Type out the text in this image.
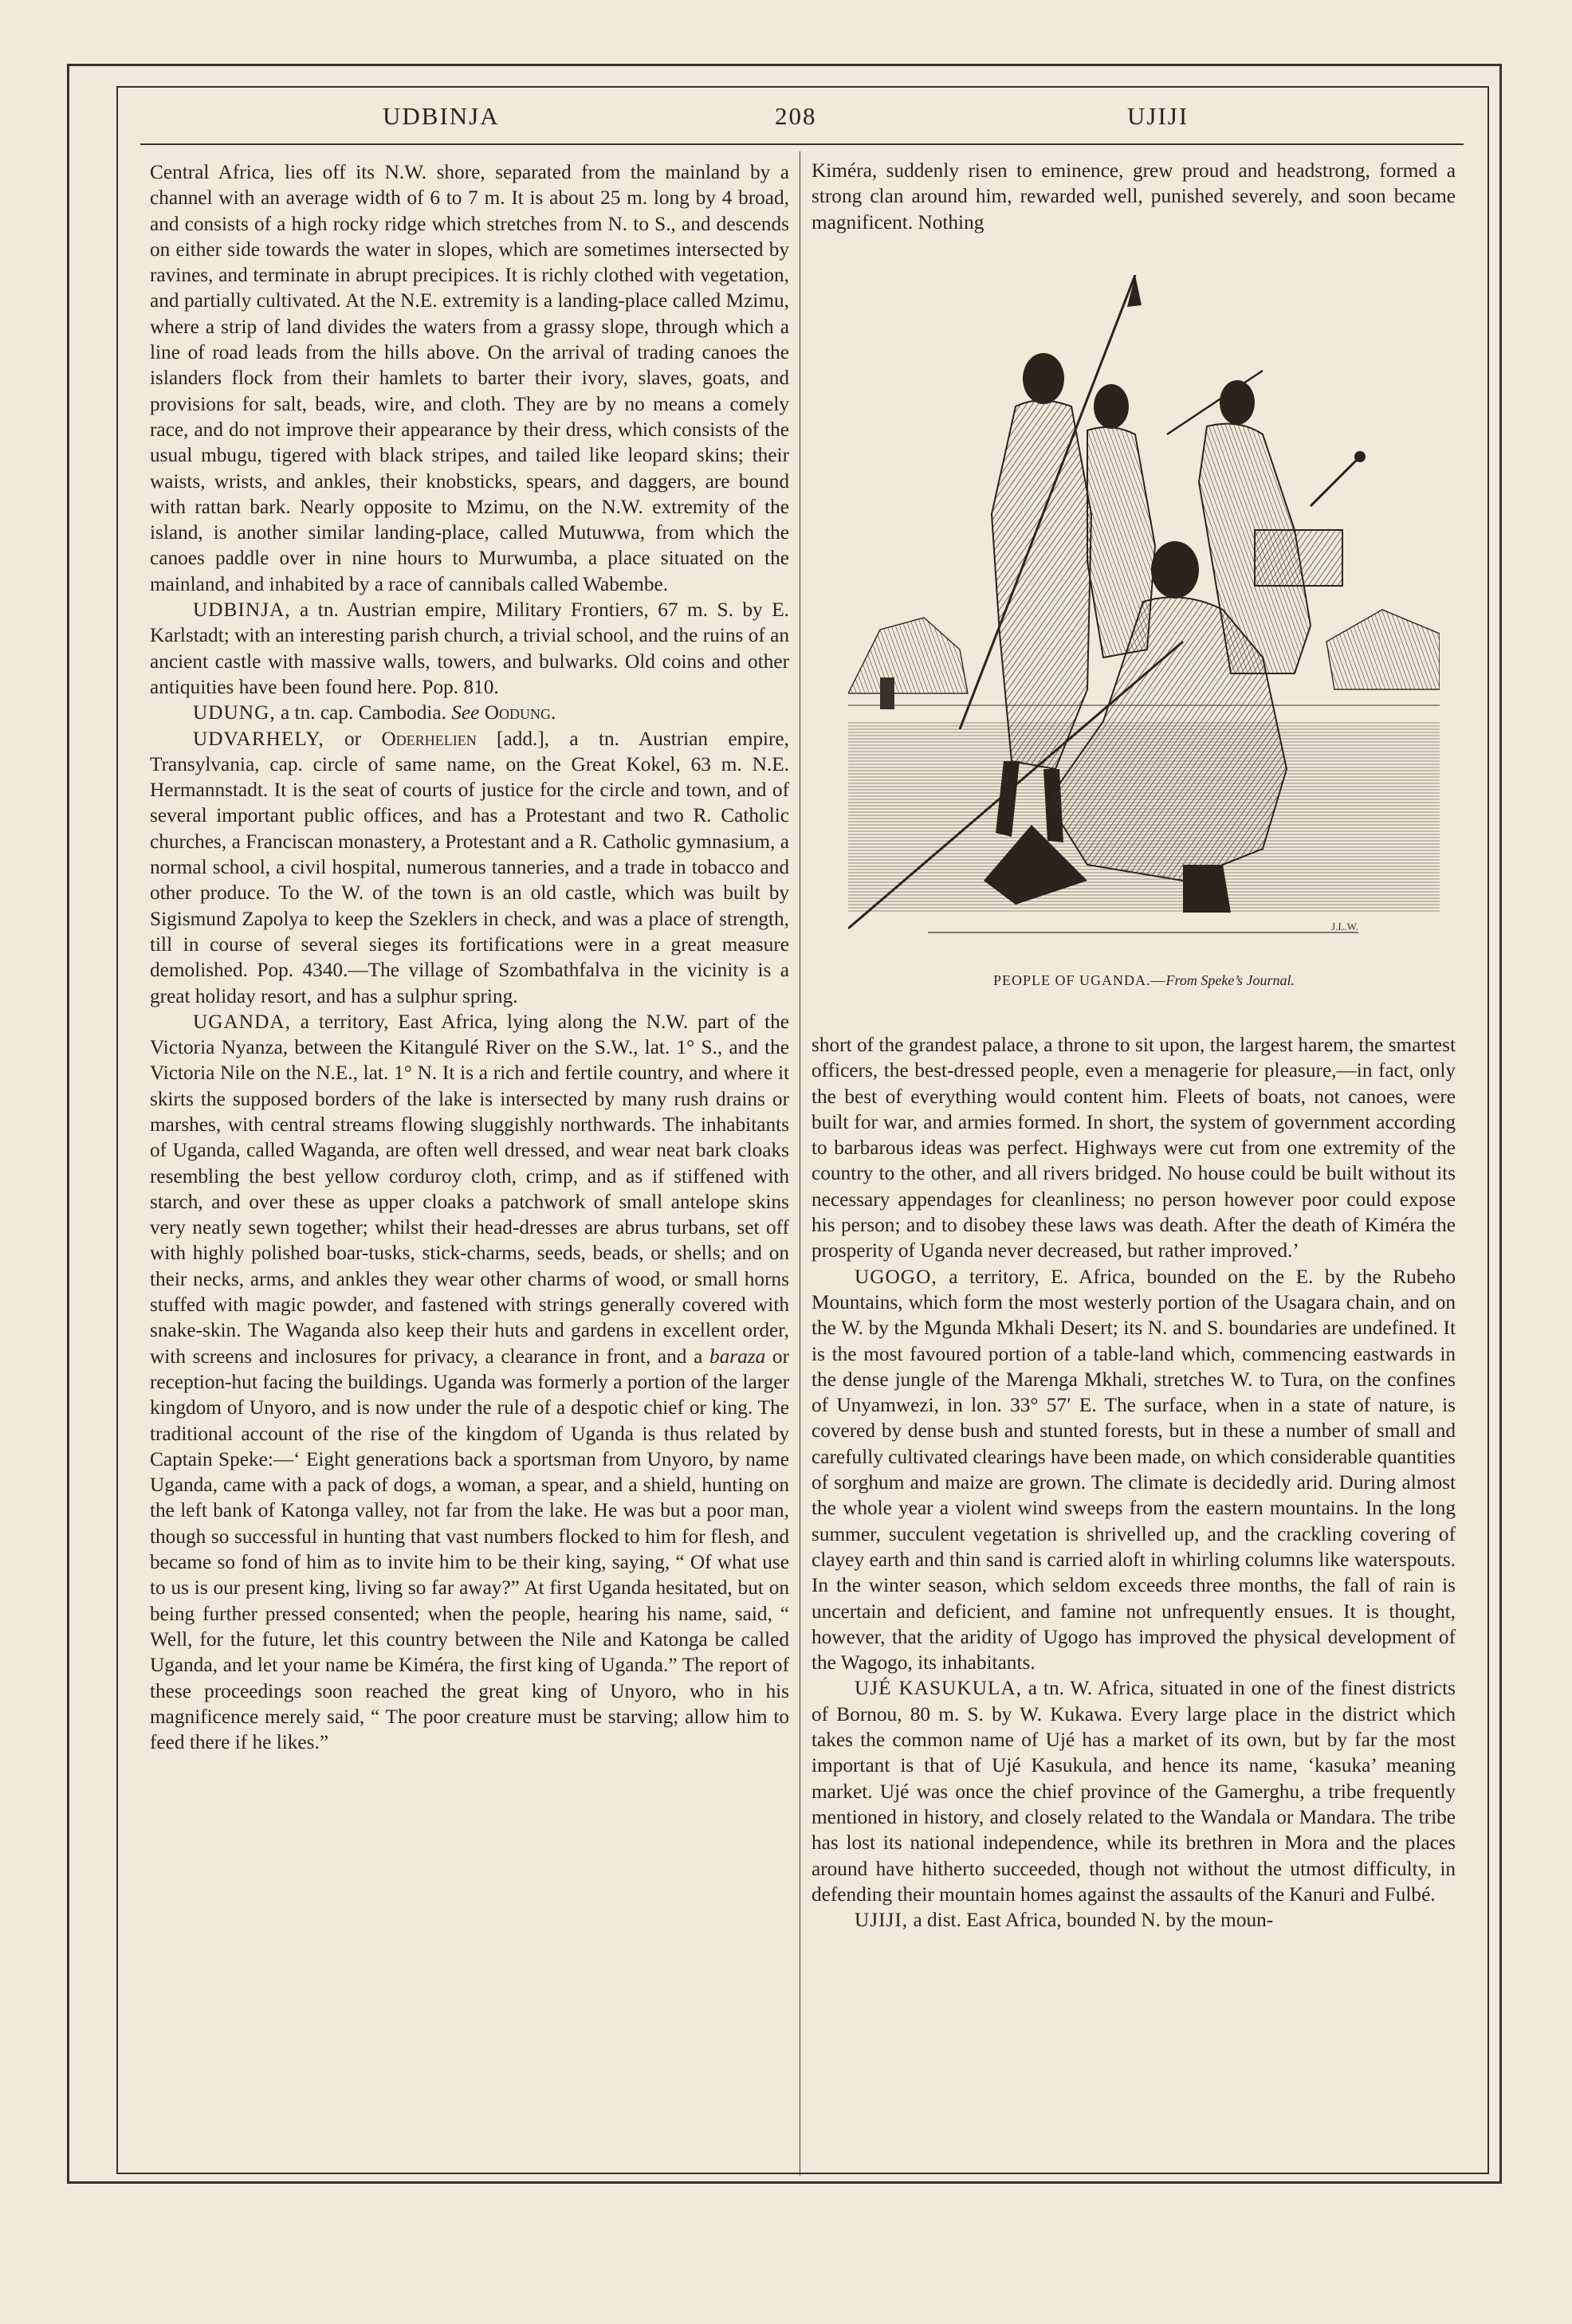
UDBINJA	208	UJIJI

Central Africa, lies off its N.W. shore, separated from the mainland by a channel with an average width of 6 to 7 m. It is about 25 m. long by 4 broad, and consists of a high rocky ridge which stretches from N. to S., and descends on either side towards the water in slopes, which are sometimes intersected by ravines, and terminate in abrupt precipices. It is richly clothed with vegetation, and partially cultivated. At the N.E. extremity is a landing-place called Mzimu, where a strip of land divides the waters from a grassy slope, through which a line of road leads from the hills above. On the arrival of trading canoes the islanders flock from their hamlets to barter their ivory, slaves, goats, and provisions for salt, beads, wire, and cloth. They are by no means a comely race, and do not improve their appearance by their dress, which consists of the usual mbugu, tigered with black stripes, and tailed like leopard skins; their waists, wrists, and ankles, their knobsticks, spears, and daggers, are bound with rattan bark. Nearly opposite to Mzimu, on the N.W. extremity of the island, is another similar landing-place, called Mutuwwa, from which the canoes paddle over in nine hours to Murwumba, a place situated on the mainland, and inhabited by a race of cannibals called Wabembe.

UDBINJA, a tn. Austrian empire, Military Frontiers, 67 m. S. by E. Karlstadt; with an interesting parish church, a trivial school, and the ruins of an ancient castle with massive walls, towers, and bulwarks. Old coins and other antiquities have been found here. Pop. 810.

UDUNG, a tn. cap. Cambodia. See Oodung.

UDVARHELY, or Oderhelien [add.], a tn. Austrian empire, Transylvania, cap. circle of same name, on the Great Kokel, 63 m. N.E. Hermannstadt. It is the seat of courts of justice for the circle and town, and of several important public offices, and has a Protestant and two R. Catholic churches, a Franciscan monastery, a Protestant and a R. Catholic gymnasium, a normal school, a civil hospital, numerous tanneries, and a trade in tobacco and other produce. To the W. of the town is an old castle, which was built by Sigismund Zapolya to keep the Szeklers in check, and was a place of strength, till in course of several sieges its fortifications were in a great measure demolished. Pop. 4340.—The village of Szombathfalva in the vicinity is a great holiday resort, and has a sulphur spring.

UGANDA, a territory, East Africa, lying along the N.W. part of the Victoria Nyanza, between the Kitangulé River on the S.W., lat. 1° S., and the Victoria Nile on the N.E., lat. 1° N. It is a rich and fertile country, and where it skirts the supposed borders of the lake is intersected by many rush drains or marshes, with central streams flowing sluggishly northwards. The inhabitants of Uganda, called Waganda, are often well dressed, and wear neat bark cloaks resembling the best yellow corduroy cloth, crimp, and as if stiffened with starch, and over these as upper cloaks a patchwork of small antelope skins very neatly sewn together; whilst their head-dresses are abrus turbans, set off with highly polished boar-tusks, stick-charms, seeds, beads, or shells; and on their necks, arms, and ankles they wear other charms of wood, or small horns stuffed with magic powder, and fastened with strings generally covered with snake-skin. The Waganda also keep their huts and gardens in excellent order, with screens and inclosures for privacy, a clearance in front, and a baraza or reception-hut facing the buildings. Uganda was formerly a portion of the larger kingdom of Unyoro, and is now under the rule of a despotic chief or king. The traditional account of the rise of the kingdom of Uganda is thus related by Captain Speke:—‘ Eight generations back a sportsman from Unyoro, by name Uganda, came with a pack of dogs, a woman, a spear, and a shield, hunting on the left bank of Katonga valley, not far from the lake. He was but a poor man, though so successful in hunting that vast numbers flocked to him for flesh, and became so fond of him as to invite him to be their king, saying, “ Of what use to us is our present king, living so far away?” At first Uganda hesitated, but on being further pressed consented; when the people, hearing his name, said, “ Well, for the future, let this country between the Nile and Katonga be called Uganda, and let your name be Kiméra, the first king of Uganda.” The report of these proceedings soon reached the great king of Unyoro, who in his magnificence merely said, “ The poor creature must be starving; allow him to feed there if he likes.”

Kiméra, suddenly risen to eminence, grew proud and headstrong, formed a strong clan around him, rewarded well, punished severely, and soon became magnificent. Nothing

J.L.W.
PEOPLE OF UGANDA.—From Speke’s Journal.

short of the grandest palace, a throne to sit upon, the largest harem, the smartest officers, the best-dressed people, even a menagerie for pleasure,—in fact, only the best of everything would content him. Fleets of boats, not canoes, were built for war, and armies formed. In short, the system of government according to barbarous ideas was perfect. Highways were cut from one extremity of the country to the other, and all rivers bridged. No house could be built without its necessary appendages for cleanliness; no person however poor could expose his person; and to disobey these laws was death. After the death of Kiméra the prosperity of Uganda never decreased, but rather improved.’

UGOGO, a territory, E. Africa, bounded on the E. by the Rubeho Mountains, which form the most westerly portion of the Usagara chain, and on the W. by the Mgunda Mkhali Desert; its N. and S. boundaries are undefined. It is the most favoured portion of a table-land which, commencing eastwards in the dense jungle of the Marenga Mkhali, stretches W. to Tura, on the confines of Unyamwezi, in lon. 33° 57′ E. The surface, when in a state of nature, is covered by dense bush and stunted forests, but in these a number of small and carefully cultivated clearings have been made, on which considerable quantities of sorghum and maize are grown. The climate is decidedly arid. During almost the whole year a violent wind sweeps from the eastern mountains. In the long summer, succulent vegetation is shrivelled up, and the crackling covering of clayey earth and thin sand is carried aloft in whirling columns like waterspouts. In the winter season, which seldom exceeds three months, the fall of rain is uncertain and deficient, and famine not unfrequently ensues. It is thought, however, that the aridity of Ugogo has improved the physical development of the Wagogo, its inhabitants.

UJÉ KASUKULA, a tn. W. Africa, situated in one of the finest districts of Bornou, 80 m. S. by W. Kukawa. Every large place in the district which takes the common name of Ujé has a market of its own, but by far the most important is that of Ujé Kasukula, and hence its name, ‘kasuka’ meaning market. Ujé was once the chief province of the Gamerghu, a tribe frequently mentioned in history, and closely related to the Wandala or Mandara. The tribe has lost its national independence, while its brethren in Mora and the places around have hitherto succeeded, though not without the utmost difficulty, in defending their mountain homes against the assaults of the Kanuri and Fulbé.

UJIJI, a dist. East Africa, bounded N. by the moun-
